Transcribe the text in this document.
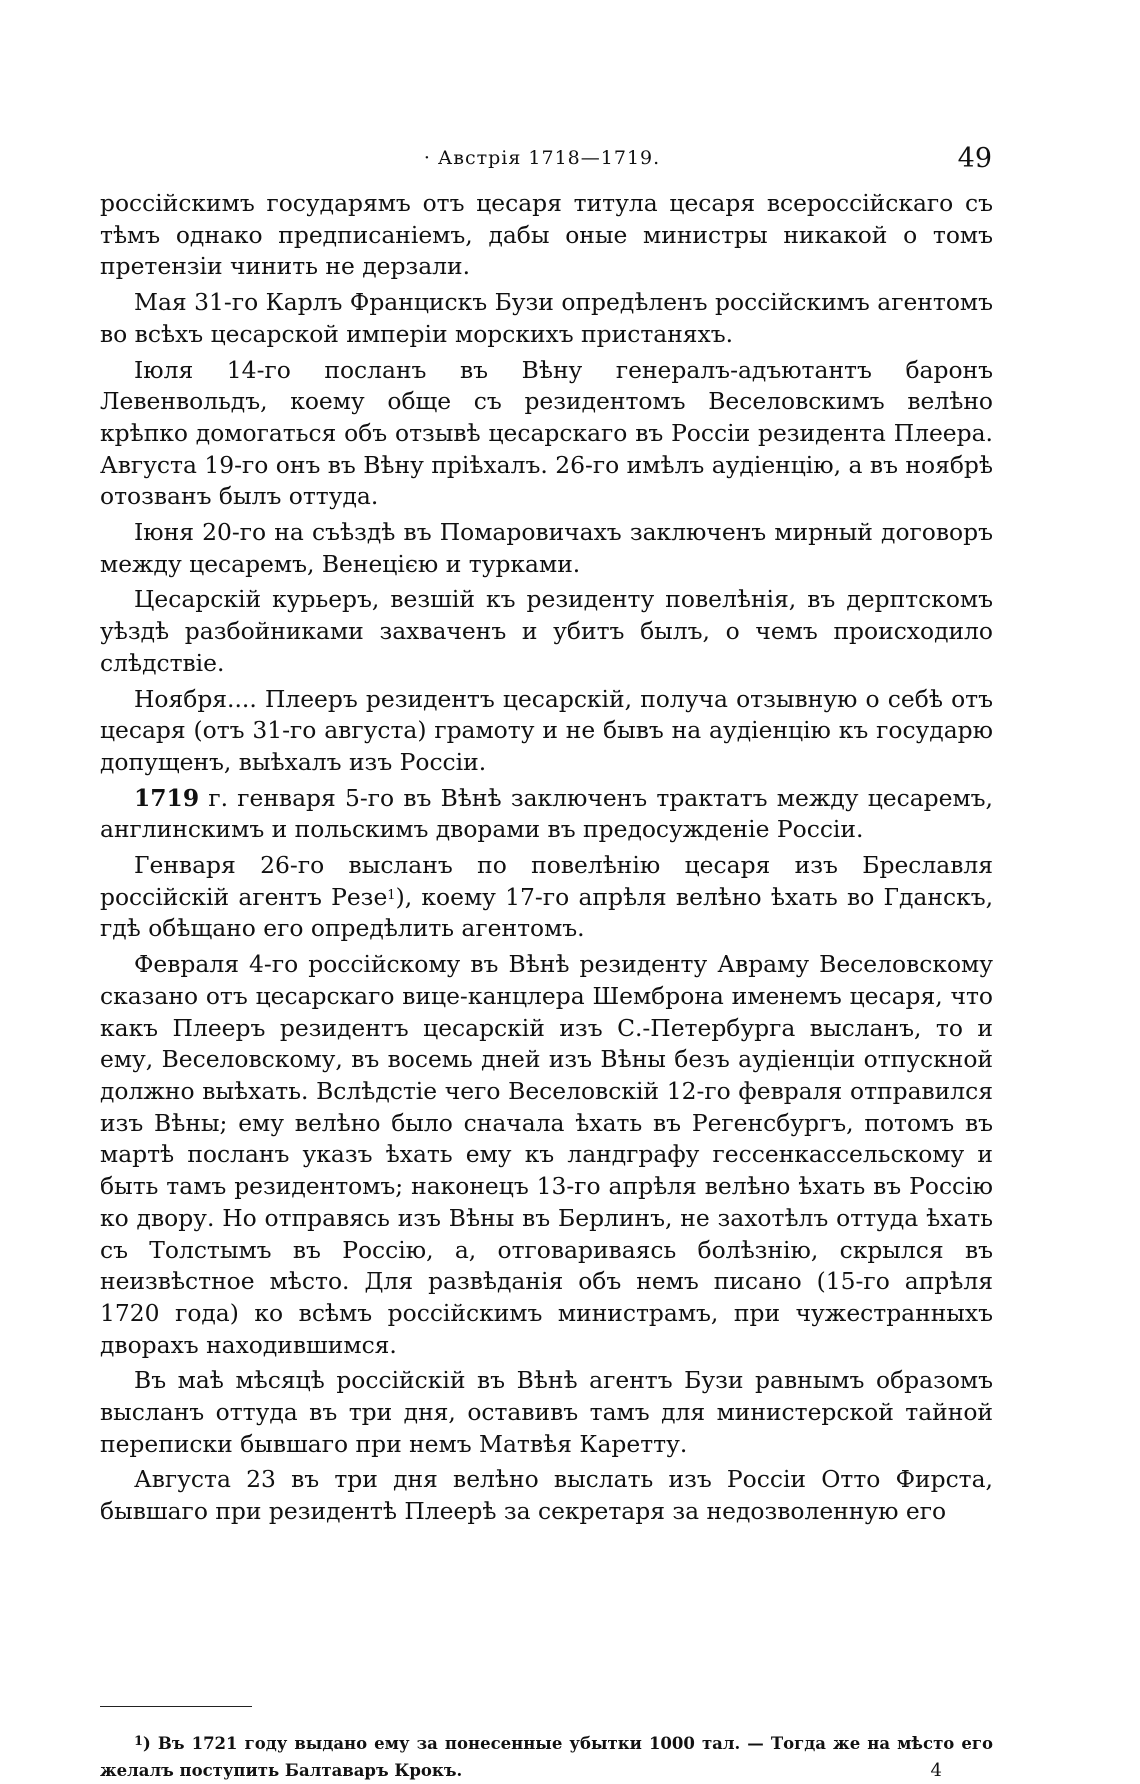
· Австрія 1718—1719.	49

россійскимъ государямъ отъ цесаря титула цесаря всероссійскаго съ тѣмъ однако предписаніемъ, дабы оные министры никакой о томъ претензіи чинить не дерзали.

Мая 31-го Карлъ Францискъ Бузи опредѣленъ россійскимъ агентомъ во всѣхъ цесарской имперіи морскихъ пристаняхъ.

Іюля 14-го посланъ въ Вѣну генералъ-адъютантъ баронъ Левенвольдъ, коему обще съ резидентомъ Веселовскимъ велѣно крѣпко домогаться объ отзывѣ цесарскаго въ Россіи резидента Плеера. Августа 19-го онъ въ Вѣну пріѣхалъ. 26-го имѣлъ аудіенцію, а въ ноябрѣ отозванъ былъ оттуда.

Іюня 20-го на съѣздѣ въ Помаровичахъ заключенъ мирный договоръ между цесаремъ, Венецією и турками.

Цесарскій курьеръ, везшій къ резиденту повелѣнія, въ дерптскомъ уѣздѣ разбойниками захваченъ и убитъ былъ, о чемъ происходило слѣдствіе.

Ноября.... Плееръ резидентъ цесарскій, получа отзывную о себѣ отъ цесаря (отъ 31-го августа) грамоту и не бывъ на аудіенцію къ государю допущенъ, выѣхалъ изъ Россіи.

1719 г. генваря 5-го въ Вѣнѣ заключенъ трактатъ между цесаремъ, англинскимъ и польскимъ дворами въ предосужденіе Россіи.

Генваря 26-го высланъ по повелѣнію цесаря изъ Бреславля россійскій агентъ Резе$^1$), коему 17-го апрѣля велѣно ѣхать во Гданскъ, гдѣ обѣщано его опредѣлить агентомъ.

Февраля 4-го россійскому въ Вѣнѣ резиденту Авраму Веселовскому сказано отъ цесарскаго вице-канцлера Шемброна именемъ цесаря, что какъ Плееръ резидентъ цесарскій изъ С.-Петербурга высланъ, то и ему, Веселовскому, въ восемь дней изъ Вѣны безъ аудіенціи отпускной должно выѣхать. Вслѣдстіе чего Веселовскій 12-го февраля отправился изъ Вѣны; ему велѣно было сначала ѣхать въ Регенсбургъ, потомъ въ мартѣ посланъ указъ ѣхать ему къ ландграфу гессенкассельскому и быть тамъ резидентомъ; наконецъ 13-го апрѣля велѣно ѣхать въ Россію ко двору. Но отправясь изъ Вѣны въ Берлинъ, не захотѣлъ оттуда ѣхать съ Толстымъ въ Россію, а, отговариваясь болѣзнію, скрылся въ неизвѣстное мѣсто. Для развѣданія объ немъ писано (15-го апрѣля 1720 года) ко всѣмъ россійскимъ министрамъ, при чужестранныхъ дворахъ находившимся.

Въ маѣ мѣсяцѣ россійскій въ Вѣнѣ агентъ Бузи равнымъ образомъ высланъ оттуда въ три дня, оставивъ тамъ для министерской тайной переписки бывшаго при немъ Матвѣя Каретту.

Августа 23 въ три дня велѣно выслать изъ Россіи Отто Фирста, бывшаго при резидентѣ Плеерѣ за секретаря за недозволенную его

$^1$) Въ 1721 году выдано ему за понесенные убытки 1000 тал. — Тогда же на мѣсто его желалъ поступить Балтаваръ Крокъ.	4
